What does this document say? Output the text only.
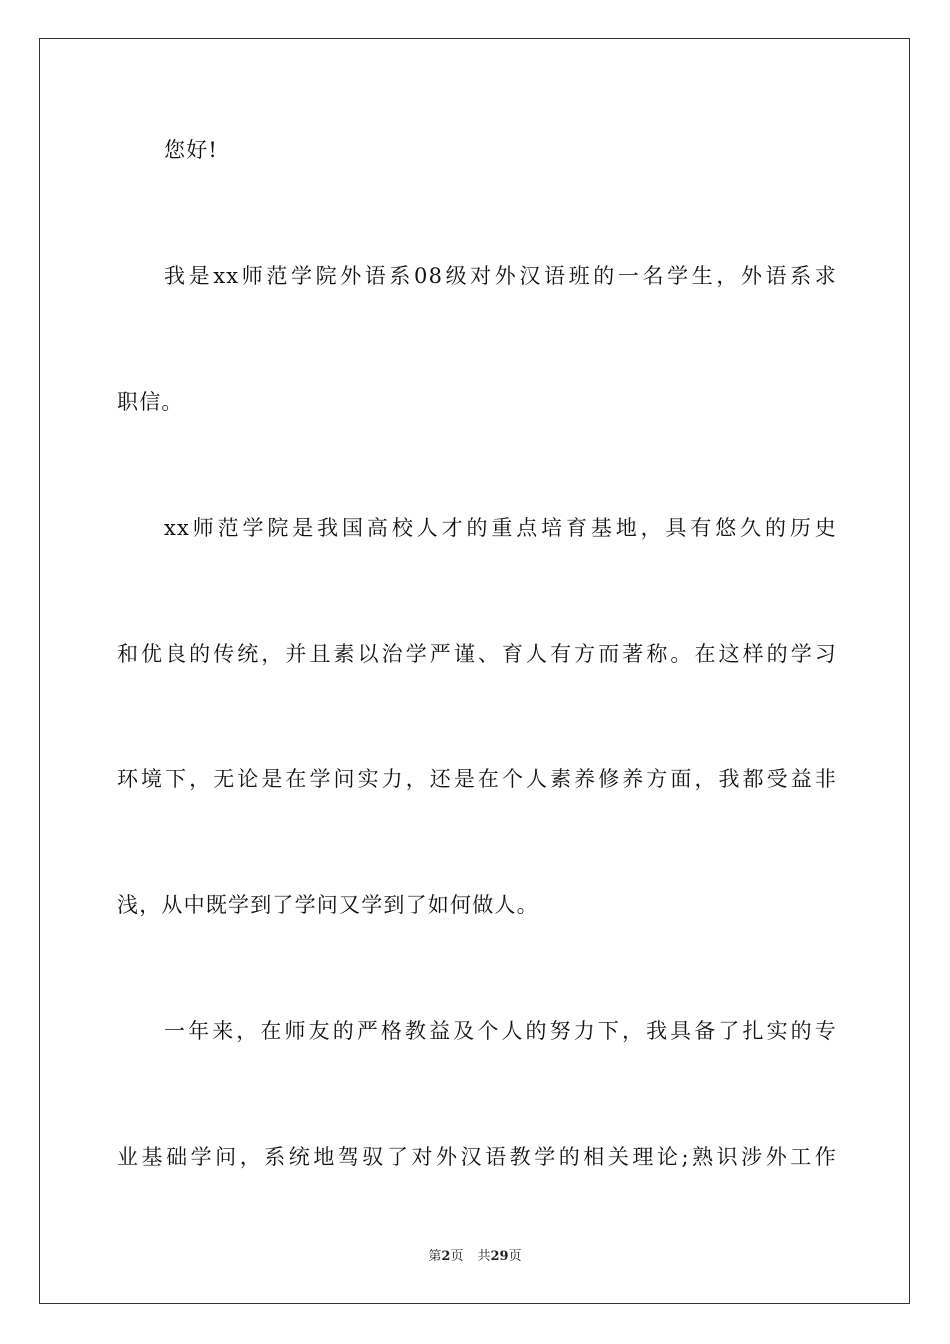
您好!
我是xx师范学院外语系08级对外汉语班的一名学生，外语系求
职信。
xx师范学院是我国高校人才的重点培育基地，具有悠久的历史
和优良的传统，并且素以治学严谨、育人有方而著称。在这样的学习
环境下，无论是在学问实力，还是在个人素养修养方面，我都受益非
浅，从中既学到了学问又学到了如何做人。
一年来，在师友的严格教益及个人的努力下，我具备了扎实的专
业基础学问，系统地驾驭了对外汉语教学的相关理论;熟识涉外工作
第2页 共29页
